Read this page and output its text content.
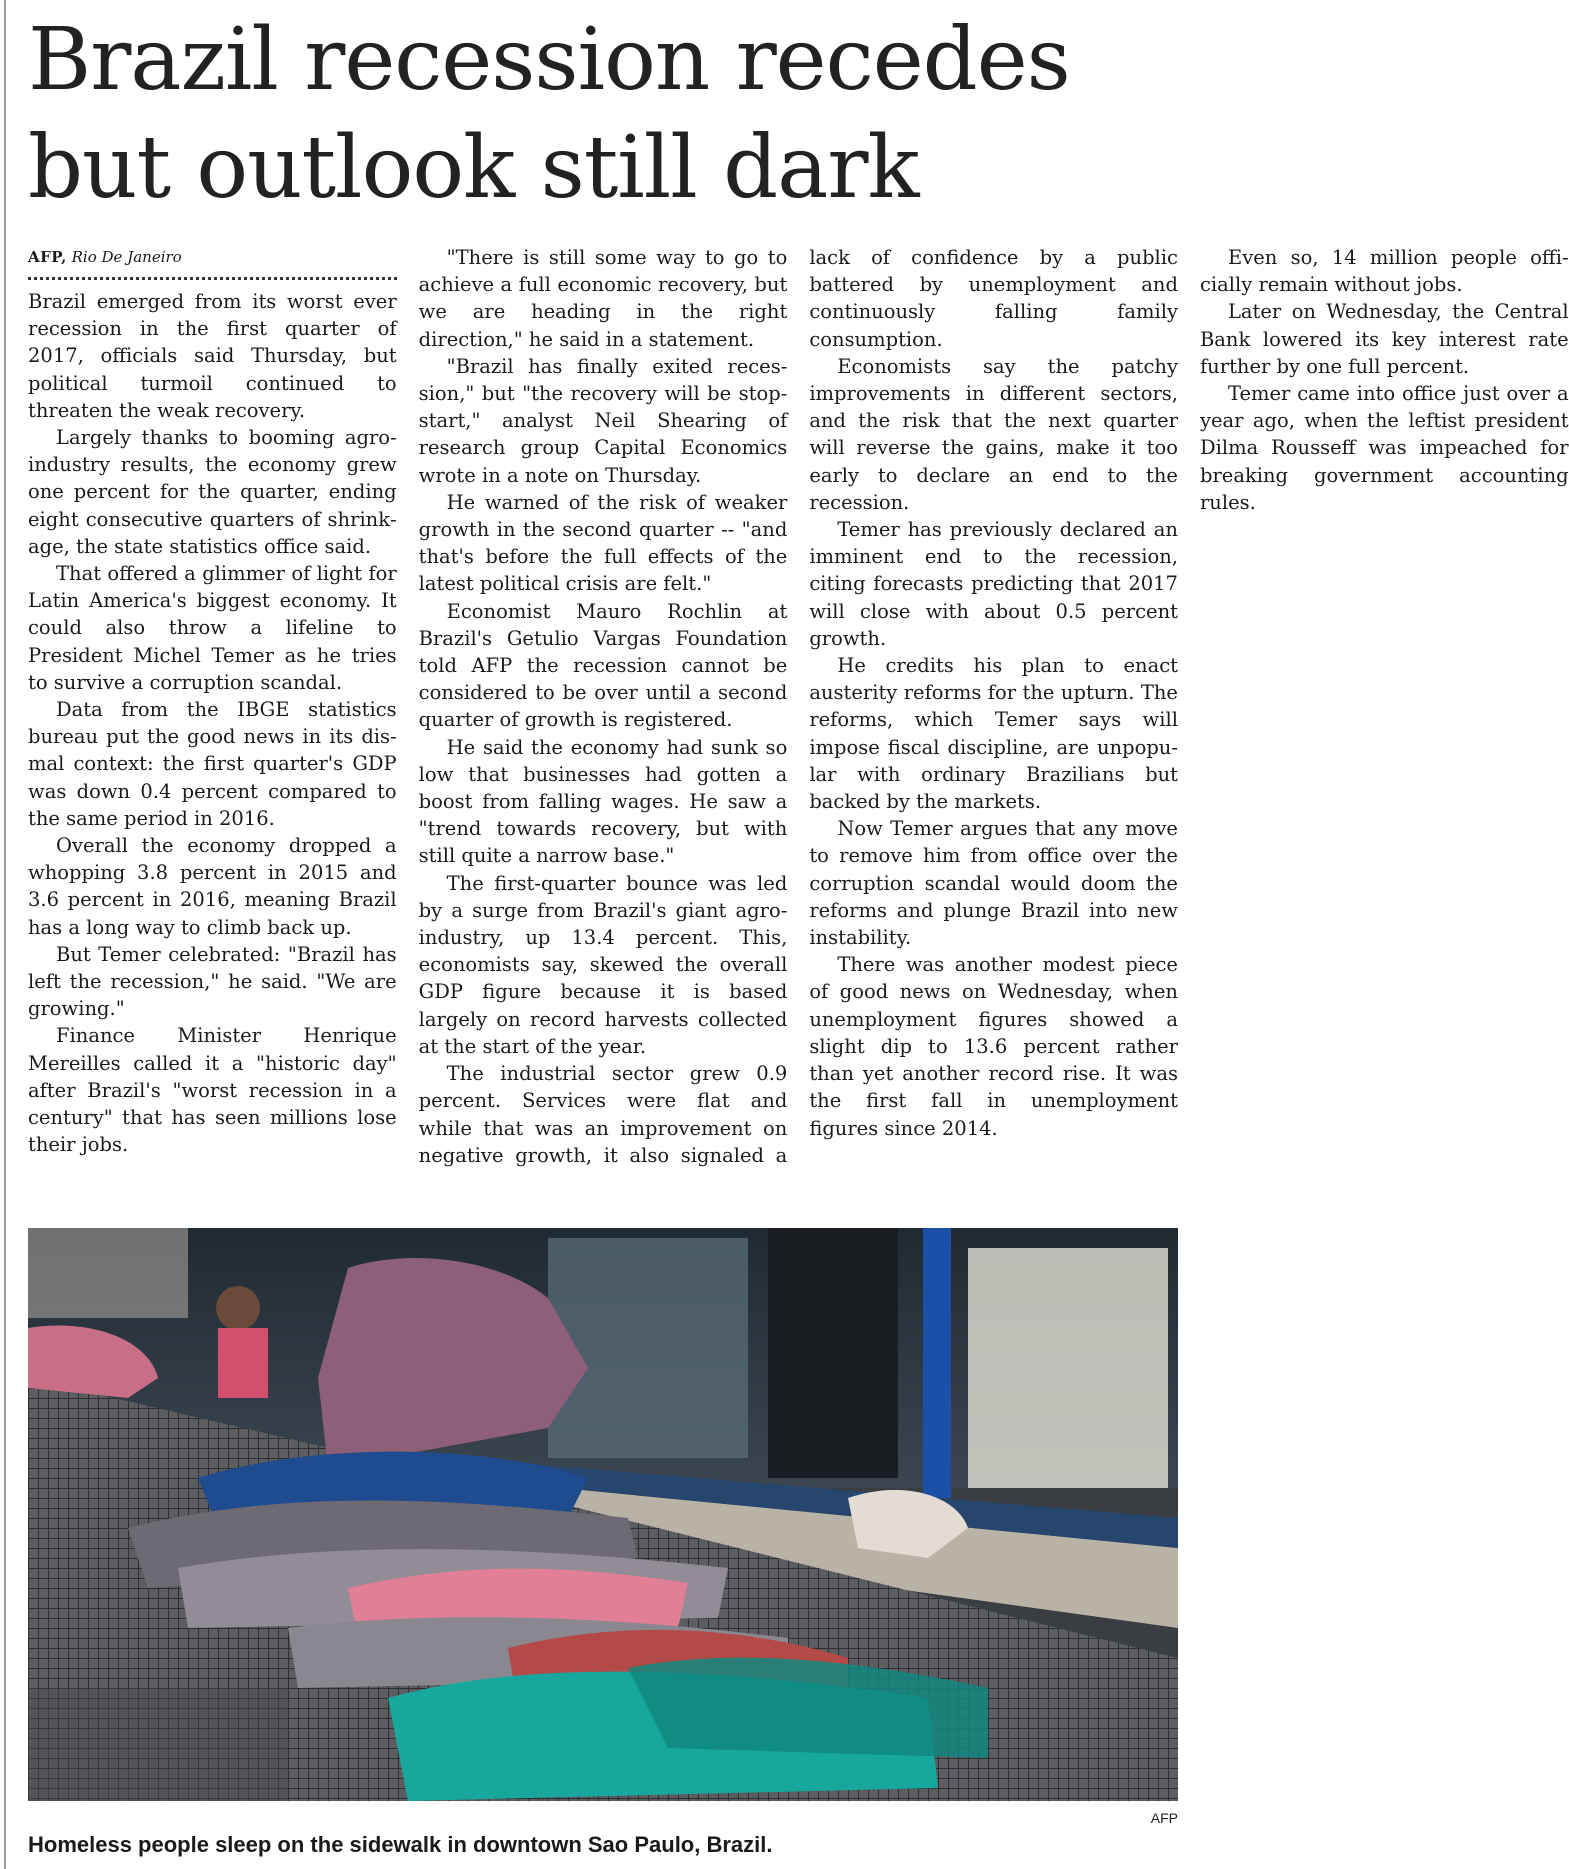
Brazil recession recedes
but outlook still dark
AFP, Rio De Janeiro

Brazil emerged from its worst ever recession in the first quarter of 2017, officials said Thursday, but political turmoil continued to threaten the weak recovery.

Largely thanks to booming agroindustry results, the economy grew one percent for the quarter, ending eight consecutive quarters of shrinkage, the state statistics office said.

That offered a glimmer of light for Latin America's biggest economy. It could also throw a lifeline to President Michel Temer as he tries to survive a corruption scandal.

Data from the IBGE statistics bureau put the good news in its dismal context: the first quarter's GDP was down 0.4 percent compared to the same period in 2016.

Overall the economy dropped a whopping 3.8 percent in 2015 and 3.6 percent in 2016, meaning Brazil has a long way to climb back up.

But Temer celebrated: "Brazil has left the recession," he said. "We are growing."

Finance Minister Henrique Mereilles called it a "historic day" after Brazil's "worst recession in a century" that has seen millions lose their jobs.

"There is still some way to go to achieve a full economic recovery, but we are heading in the right direction," he said in a statement.

"Brazil has finally exited recession," but "the recovery will be stop-start," analyst Neil Shearing of research group Capital Economics wrote in a note on Thursday.

He warned of the risk of weaker growth in the second quarter -- "and that's before the full effects of the latest political crisis are felt."

Economist Mauro Rochlin at Brazil's Getulio Vargas Foundation told AFP the recession cannot be considered to be over until a second quarter of growth is registered.

He said the economy had sunk so low that businesses had gotten a boost from falling wages. He saw a "trend towards recovery, but with still quite a narrow base."

The first-quarter bounce was led by a surge from Brazil's giant agro-industry, up 13.4 percent. This, economists say, skewed the overall GDP figure because it is based largely on record harvests collected at the start of the year.

The industrial sector grew 0.9 percent. Services were flat and while that was an improvement on negative growth, it also signaled a lack of confidence by a public battered by unemployment and continuously falling family consumption.

Economists say the patchy improvements in different sectors, and the risk that the next quarter will reverse the gains, make it too early to declare an end to the recession.

Temer has previously declared an imminent end to the recession, citing forecasts predicting that 2017 will close with about 0.5 percent growth.

He credits his plan to enact austerity reforms for the upturn. The reforms, which Temer says will impose fiscal discipline, are unpopular with ordinary Brazilians but backed by the markets.

Now Temer argues that any move to remove him from office over the corruption scandal would doom the reforms and plunge Brazil into new instability.

There was another modest piece of good news on Wednesday, when unemployment figures showed a slight dip to 13.6 percent rather than yet another record rise. It was the first fall in unemployment figures since 2014.

Even so, 14 million people officially remain without jobs.

Later on Wednesday, the Central Bank lowered its key interest rate further by one full percent.

Temer came into office just over a year ago, when the leftist president Dilma Rousseff was impeached for breaking government accounting rules.

AFP

Homeless people sleep on the sidewalk in downtown Sao Paulo, Brazil.
